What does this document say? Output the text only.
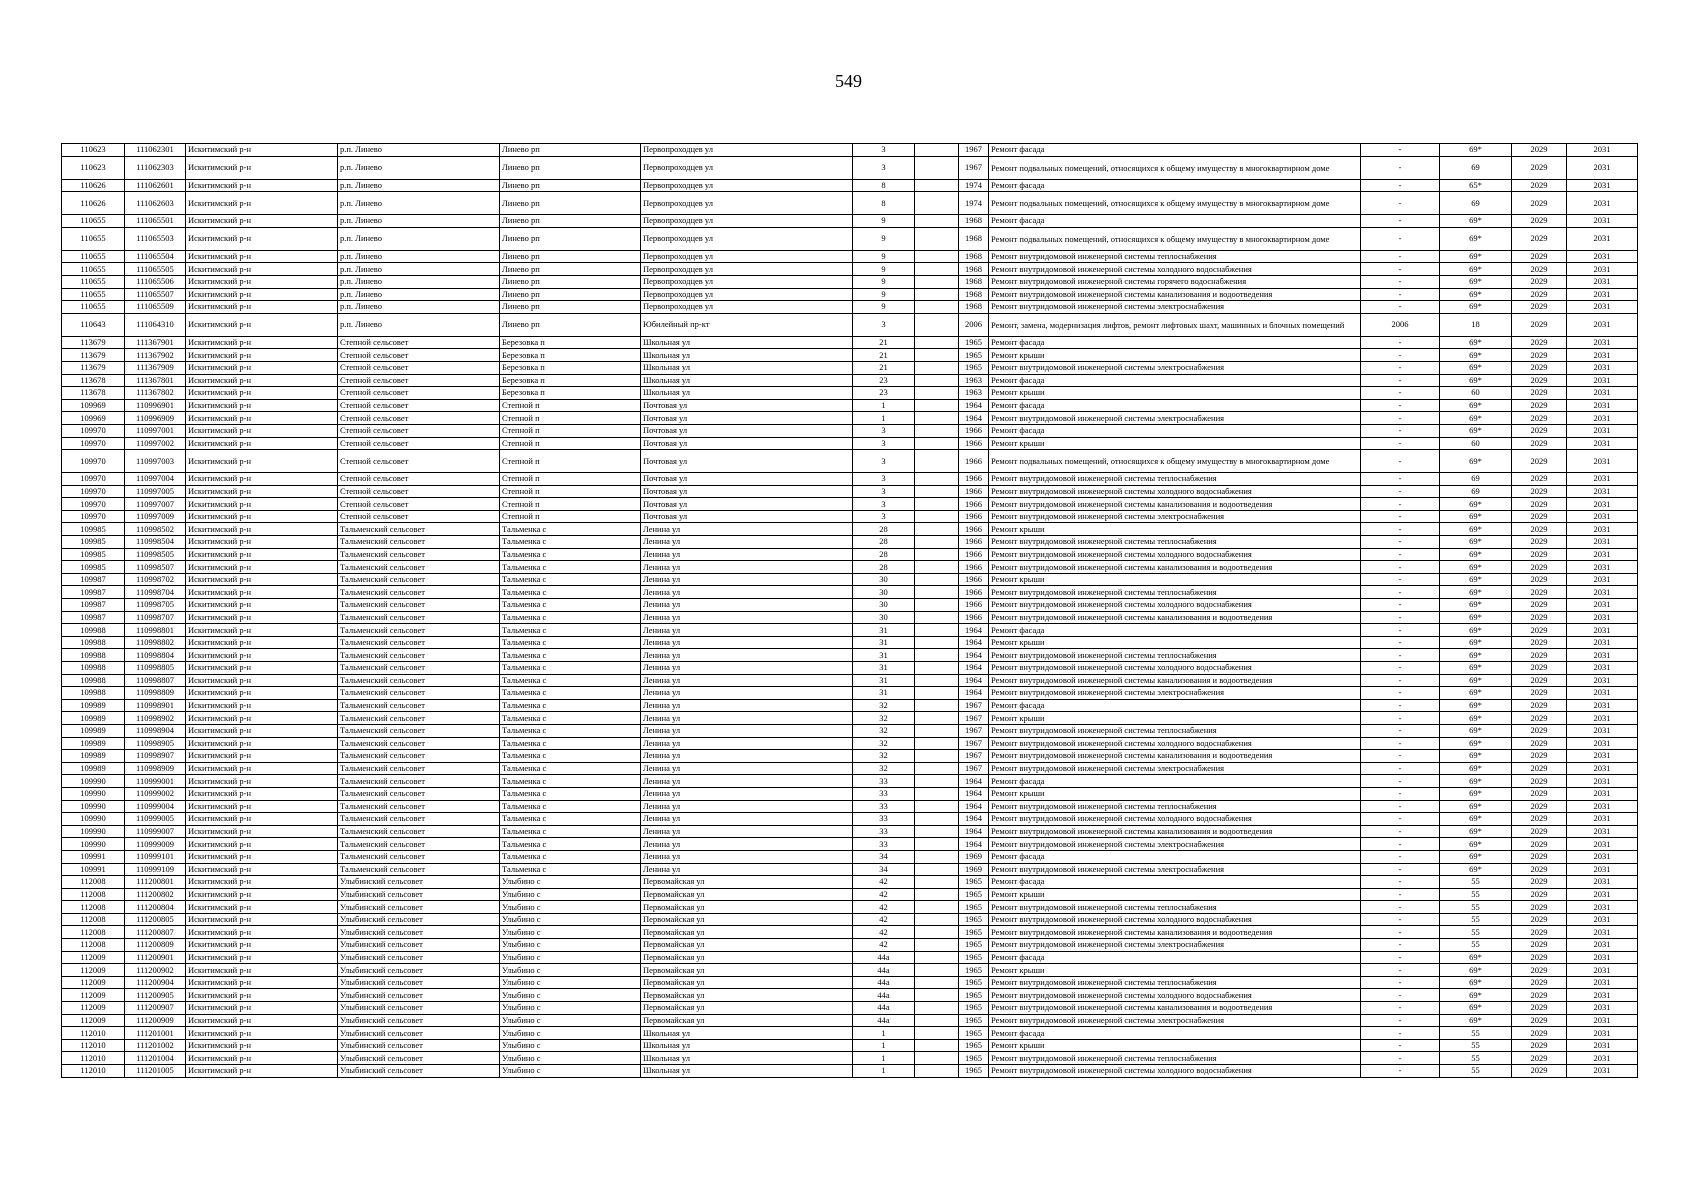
549
110623	111062301	Искитимский р-н	р.п. Линево	Линево рп	Первопроходцев ул	3		1967	Ремонт фасада	-	69*	2029	2031
110623	111062303	Искитимский р-н	р.п. Линево	Линево рп	Первопроходцев ул	3		1967	Ремонт подвальных помещений, относящихся к общему имуществу в многоквартирном доме	-	69	2029	2031
110626	111062601	Искитимский р-н	р.п. Линево	Линево рп	Первопроходцев ул	8		1974	Ремонт фасада	-	65*	2029	2031
110626	111062603	Искитимский р-н	р.п. Линево	Линево рп	Первопроходцев ул	8		1974	Ремонт подвальных помещений, относящихся к общему имуществу в многоквартирном доме	-	69	2029	2031
110655	111065501	Искитимский р-н	р.п. Линево	Линево рп	Первопроходцев ул	9		1968	Ремонт фасада	-	69*	2029	2031
110655	111065503	Искитимский р-н	р.п. Линево	Линево рп	Первопроходцев ул	9		1968	Ремонт подвальных помещений, относящихся к общему имуществу в многоквартирном доме	-	69*	2029	2031
110655	111065504	Искитимский р-н	р.п. Линево	Линево рп	Первопроходцев ул	9		1968	Ремонт внутридомовой инженерной системы теплоснабжения	-	69*	2029	2031
110655	111065505	Искитимский р-н	р.п. Линево	Линево рп	Первопроходцев ул	9		1968	Ремонт внутридомовой инженерной системы холодного водоснабжения	-	69*	2029	2031
110655	111065506	Искитимский р-н	р.п. Линево	Линево рп	Первопроходцев ул	9		1968	Ремонт внутридомовой инженерной системы горячего водоснабжения	-	69*	2029	2031
110655	111065507	Искитимский р-н	р.п. Линево	Линево рп	Первопроходцев ул	9		1968	Ремонт внутридомовой инженерной системы канализования и водоотведения	-	69*	2029	2031
110655	111065509	Искитимский р-н	р.п. Линево	Линево рп	Первопроходцев ул	9		1968	Ремонт внутридомовой инженерной системы электроснабжения	-	69*	2029	2031
110643	111064310	Искитимский р-н	р.п. Линево	Линево рп	Юбилейный пр-кт	3		2006	Ремонт, замена, модернизация лифтов, ремонт лифтовых шахт, машинных и блочных помещений	2006	18	2029	2031
113679	111367901	Искитимский р-н	Степной сельсовет	Березовка п	Школьная ул	21		1965	Ремонт фасада	-	69*	2029	2031
113679	111367902	Искитимский р-н	Степной сельсовет	Березовка п	Школьная ул	21		1965	Ремонт крыши	-	69*	2029	2031
113679	111367909	Искитимский р-н	Степной сельсовет	Березовка п	Школьная ул	21		1965	Ремонт внутридомовой инженерной системы электроснабжения	-	69*	2029	2031
113678	111367801	Искитимский р-н	Степной сельсовет	Березовка п	Школьная ул	23		1963	Ремонт фасада	-	69*	2029	2031
113678	111367802	Искитимский р-н	Степной сельсовет	Березовка п	Школьная ул	23		1963	Ремонт крыши	-	60	2029	2031
109969	110996901	Искитимский р-н	Степной сельсовет	Степной п	Почтовая ул	1		1964	Ремонт фасада	-	69*	2029	2031
109969	110996909	Искитимский р-н	Степной сельсовет	Степной п	Почтовая ул	1		1964	Ремонт внутридомовой инженерной системы электроснабжения	-	69*	2029	2031
109970	110997001	Искитимский р-н	Степной сельсовет	Степной п	Почтовая ул	3		1966	Ремонт фасада	-	69*	2029	2031
109970	110997002	Искитимский р-н	Степной сельсовет	Степной п	Почтовая ул	3		1966	Ремонт крыши	-	60	2029	2031
109970	110997003	Искитимский р-н	Степной сельсовет	Степной п	Почтовая ул	3		1966	Ремонт подвальных помещений, относящихся к общему имуществу в многоквартирном доме	-	69*	2029	2031
109970	110997004	Искитимский р-н	Степной сельсовет	Степной п	Почтовая ул	3		1966	Ремонт внутридомовой инженерной системы теплоснабжения	-	69	2029	2031
109970	110997005	Искитимский р-н	Степной сельсовет	Степной п	Почтовая ул	3		1966	Ремонт внутридомовой инженерной системы холодного водоснабжения	-	69	2029	2031
109970	110997007	Искитимский р-н	Степной сельсовет	Степной п	Почтовая ул	3		1966	Ремонт внутридомовой инженерной системы канализования и водоотведения	-	69*	2029	2031
109970	110997009	Искитимский р-н	Степной сельсовет	Степной п	Почтовая ул	3		1966	Ремонт внутридомовой инженерной системы электроснабжения	-	69*	2029	2031
109985	110998502	Искитимский р-н	Тальменский сельсовет	Тальменка с	Ленина ул	28		1966	Ремонт крыши	-	69*	2029	2031
109985	110998504	Искитимский р-н	Тальменский сельсовет	Тальменка с	Ленина ул	28		1966	Ремонт внутридомовой инженерной системы теплоснабжения	-	69*	2029	2031
109985	110998505	Искитимский р-н	Тальменский сельсовет	Тальменка с	Ленина ул	28		1966	Ремонт внутридомовой инженерной системы холодного водоснабжения	-	69*	2029	2031
109985	110998507	Искитимский р-н	Тальменский сельсовет	Тальменка с	Ленина ул	28		1966	Ремонт внутридомовой инженерной системы канализования и водоотведения	-	69*	2029	2031
109987	110998702	Искитимский р-н	Тальменский сельсовет	Тальменка с	Ленина ул	30		1966	Ремонт крыши	-	69*	2029	2031
109987	110998704	Искитимский р-н	Тальменский сельсовет	Тальменка с	Ленина ул	30		1966	Ремонт внутридомовой инженерной системы теплоснабжения	-	69*	2029	2031
109987	110998705	Искитимский р-н	Тальменский сельсовет	Тальменка с	Ленина ул	30		1966	Ремонт внутридомовой инженерной системы холодного водоснабжения	-	69*	2029	2031
109987	110998707	Искитимский р-н	Тальменский сельсовет	Тальменка с	Ленина ул	30		1966	Ремонт внутридомовой инженерной системы канализования и водоотведения	-	69*	2029	2031
109988	110998801	Искитимский р-н	Тальменский сельсовет	Тальменка с	Ленина ул	31		1964	Ремонт фасада	-	69*	2029	2031
109988	110998802	Искитимский р-н	Тальменский сельсовет	Тальменка с	Ленина ул	31		1964	Ремонт крыши	-	69*	2029	2031
109988	110998804	Искитимский р-н	Тальменский сельсовет	Тальменка с	Ленина ул	31		1964	Ремонт внутридомовой инженерной системы теплоснабжения	-	69*	2029	2031
109988	110998805	Искитимский р-н	Тальменский сельсовет	Тальменка с	Ленина ул	31		1964	Ремонт внутридомовой инженерной системы холодного водоснабжения	-	69*	2029	2031
109988	110998807	Искитимский р-н	Тальменский сельсовет	Тальменка с	Ленина ул	31		1964	Ремонт внутридомовой инженерной системы канализования и водоотведения	-	69*	2029	2031
109988	110998809	Искитимский р-н	Тальменский сельсовет	Тальменка с	Ленина ул	31		1964	Ремонт внутридомовой инженерной системы электроснабжения	-	69*	2029	2031
109989	110998901	Искитимский р-н	Тальменский сельсовет	Тальменка с	Ленина ул	32		1967	Ремонт фасада	-	69*	2029	2031
109989	110998902	Искитимский р-н	Тальменский сельсовет	Тальменка с	Ленина ул	32		1967	Ремонт крыши	-	69*	2029	2031
109989	110998904	Искитимский р-н	Тальменский сельсовет	Тальменка с	Ленина ул	32		1967	Ремонт внутридомовой инженерной системы теплоснабжения	-	69*	2029	2031
109989	110998905	Искитимский р-н	Тальменский сельсовет	Тальменка с	Ленина ул	32		1967	Ремонт внутридомовой инженерной системы холодного водоснабжения	-	69*	2029	2031
109989	110998907	Искитимский р-н	Тальменский сельсовет	Тальменка с	Ленина ул	32		1967	Ремонт внутридомовой инженерной системы канализования и водоотведения	-	69*	2029	2031
109989	110998909	Искитимский р-н	Тальменский сельсовет	Тальменка с	Ленина ул	32		1967	Ремонт внутридомовой инженерной системы электроснабжения	-	69*	2029	2031
109990	110999001	Искитимский р-н	Тальменский сельсовет	Тальменка с	Ленина ул	33		1964	Ремонт фасада	-	69*	2029	2031
109990	110999002	Искитимский р-н	Тальменский сельсовет	Тальменка с	Ленина ул	33		1964	Ремонт крыши	-	69*	2029	2031
109990	110999004	Искитимский р-н	Тальменский сельсовет	Тальменка с	Ленина ул	33		1964	Ремонт внутридомовой инженерной системы теплоснабжения	-	69*	2029	2031
109990	110999005	Искитимский р-н	Тальменский сельсовет	Тальменка с	Ленина ул	33		1964	Ремонт внутридомовой инженерной системы холодного водоснабжения	-	69*	2029	2031
109990	110999007	Искитимский р-н	Тальменский сельсовет	Тальменка с	Ленина ул	33		1964	Ремонт внутридомовой инженерной системы канализования и водоотведения	-	69*	2029	2031
109990	110999009	Искитимский р-н	Тальменский сельсовет	Тальменка с	Ленина ул	33		1964	Ремонт внутридомовой инженерной системы электроснабжения	-	69*	2029	2031
109991	110999101	Искитимский р-н	Тальменский сельсовет	Тальменка с	Ленина ул	34		1969	Ремонт фасада	-	69*	2029	2031
109991	110999109	Искитимский р-н	Тальменский сельсовет	Тальменка с	Ленина ул	34		1969	Ремонт внутридомовой инженерной системы электроснабжения	-	69*	2029	2031
112008	111200801	Искитимский р-н	Улыбинский сельсовет	Улыбино с	Первомайская ул	42		1965	Ремонт фасада	-	55	2029	2031
112008	111200802	Искитимский р-н	Улыбинский сельсовет	Улыбино с	Первомайская ул	42		1965	Ремонт крыши	-	55	2029	2031
112008	111200804	Искитимский р-н	Улыбинский сельсовет	Улыбино с	Первомайская ул	42		1965	Ремонт внутридомовой инженерной системы теплоснабжения	-	55	2029	2031
112008	111200805	Искитимский р-н	Улыбинский сельсовет	Улыбино с	Первомайская ул	42		1965	Ремонт внутридомовой инженерной системы холодного водоснабжения	-	55	2029	2031
112008	111200807	Искитимский р-н	Улыбинский сельсовет	Улыбино с	Первомайская ул	42		1965	Ремонт внутридомовой инженерной системы канализования и водоотведения	-	55	2029	2031
112008	111200809	Искитимский р-н	Улыбинский сельсовет	Улыбино с	Первомайская ул	42		1965	Ремонт внутридомовой инженерной системы электроснабжения	-	55	2029	2031
112009	111200901	Искитимский р-н	Улыбинский сельсовет	Улыбино с	Первомайская ул	44а		1965	Ремонт фасада	-	69*	2029	2031
112009	111200902	Искитимский р-н	Улыбинский сельсовет	Улыбино с	Первомайская ул	44а		1965	Ремонт крыши	-	69*	2029	2031
112009	111200904	Искитимский р-н	Улыбинский сельсовет	Улыбино с	Первомайская ул	44а		1965	Ремонт внутридомовой инженерной системы теплоснабжения	-	69*	2029	2031
112009	111200905	Искитимский р-н	Улыбинский сельсовет	Улыбино с	Первомайская ул	44а		1965	Ремонт внутридомовой инженерной системы холодного водоснабжения	-	69*	2029	2031
112009	111200907	Искитимский р-н	Улыбинский сельсовет	Улыбино с	Первомайская ул	44а		1965	Ремонт внутридомовой инженерной системы канализования и водоотведения	-	69*	2029	2031
112009	111200909	Искитимский р-н	Улыбинский сельсовет	Улыбино с	Первомайская ул	44а		1965	Ремонт внутридомовой инженерной системы электроснабжения	-	69*	2029	2031
112010	111201001	Искитимский р-н	Улыбинский сельсовет	Улыбино с	Школьная ул	1		1965	Ремонт фасада	-	55	2029	2031
112010	111201002	Искитимский р-н	Улыбинский сельсовет	Улыбино с	Школьная ул	1		1965	Ремонт крыши	-	55	2029	2031
112010	111201004	Искитимский р-н	Улыбинский сельсовет	Улыбино с	Школьная ул	1		1965	Ремонт внутридомовой инженерной системы теплоснабжения	-	55	2029	2031
112010	111201005	Искитимский р-н	Улыбинский сельсовет	Улыбино с	Школьная ул	1		1965	Ремонт внутридомовой инженерной системы холодного водоснабжения	-	55	2029	2031
